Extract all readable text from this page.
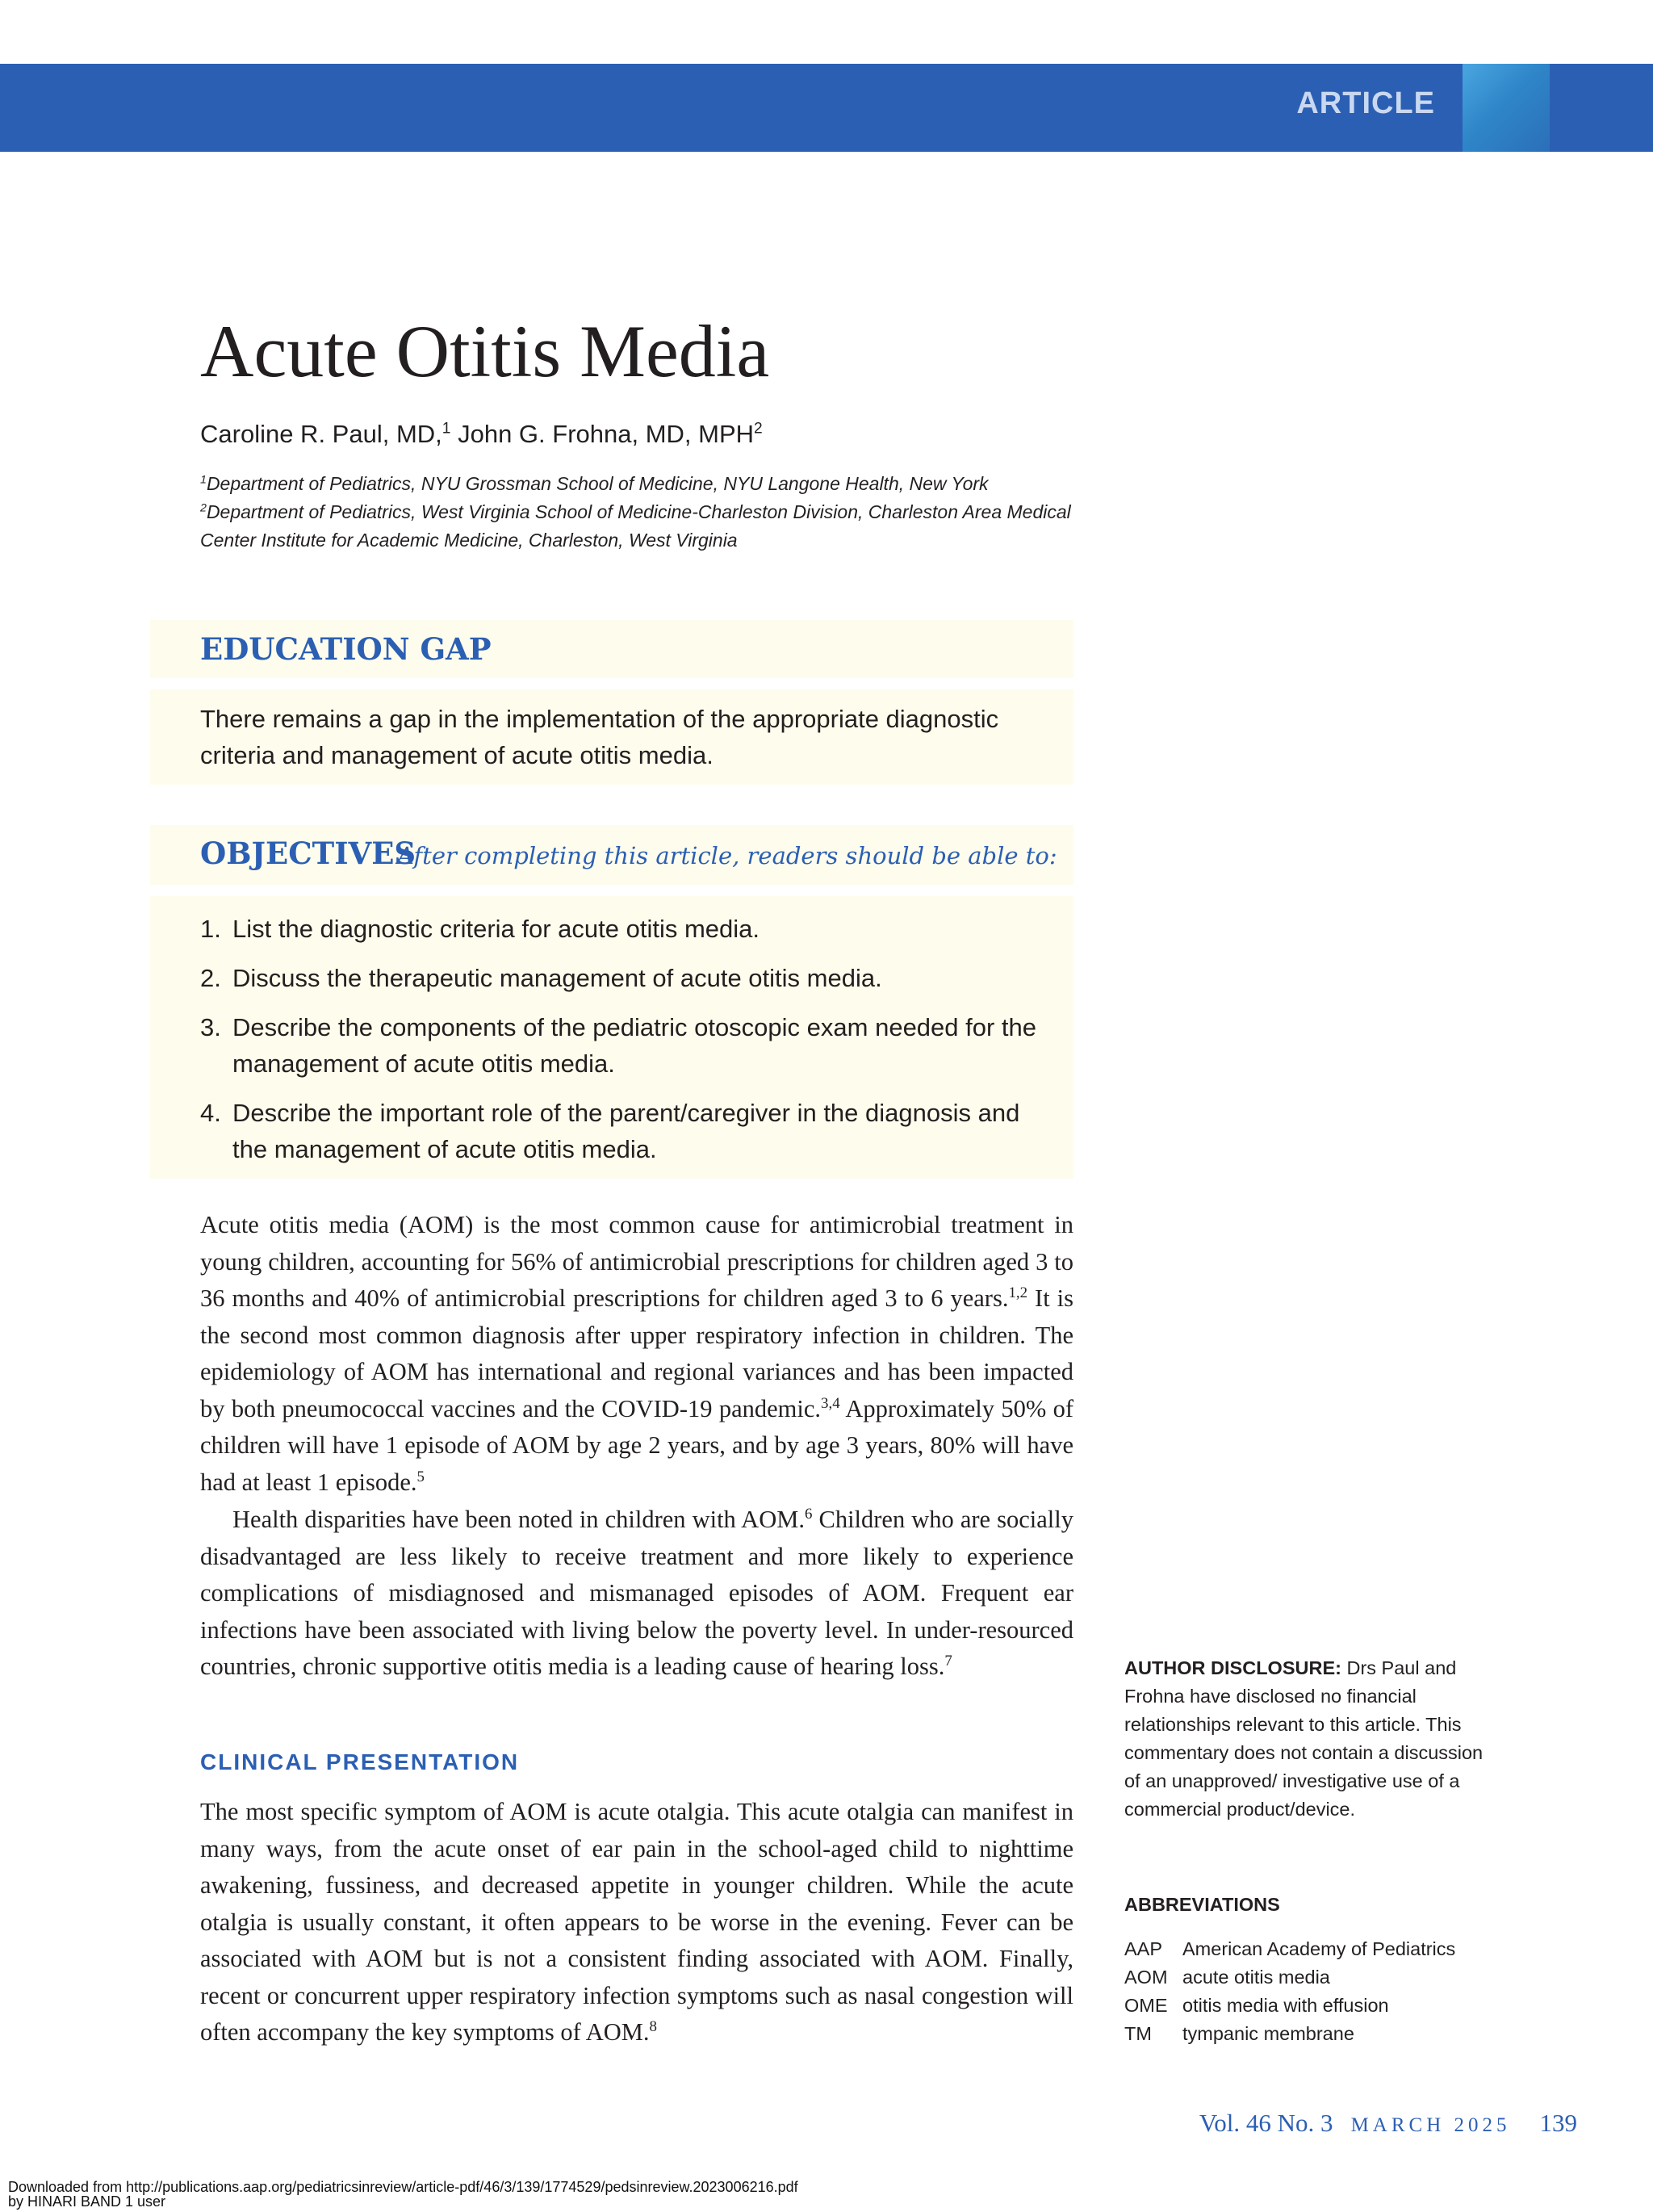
ARTICLE
Acute Otitis Media
Caroline R. Paul, MD,$^1$ John G. Frohna, MD, MPH$^2$
$^1$Department of Pediatrics, NYU Grossman School of Medicine, NYU Langone Health, New York
$^2$Department of Pediatrics, West Virginia School of Medicine-Charleston Division, Charleston Area Medical Center Institute for Academic Medicine, Charleston, West Virginia
EDUCATION GAP

There remains a gap in the implementation of the appropriate diagnostic criteria and management of acute otitis media.

OBJECTIVES
After completing this article, readers should be able to:
1. List the diagnostic criteria for acute otitis media.
2. Discuss the therapeutic management of acute otitis media.
3. Describe the components of the pediatric otoscopic exam needed for the management of acute otitis media.
4. Describe the important role of the parent/caregiver in the diagnosis and the management of acute otitis media.

Acute otitis media (AOM) is the most common cause for antimicrobial treatment in young children, accounting for 56% of antimicrobial prescriptions for children aged 3 to 36 months and 40% of antimicrobial prescriptions for children aged 3 to 6 years.$^{1,2}$ It is the second most common diagnosis after upper respiratory infection in children. The epidemiology of AOM has international and regional variances and has been impacted by both pneumococcal vaccines and the COVID-19 pandemic.$^{3,4}$ Approximately 50% of children will have 1 episode of AOM by age 2 years, and by age 3 years, 80% will have had at least 1 episode.$^5$

Health disparities have been noted in children with AOM.$^6$ Children who are socially disadvantaged are less likely to receive treatment and more likely to experience complications of misdiagnosed and mismanaged episodes of AOM. Frequent ear infections have been associated with living below the poverty level. In under-resourced countries, chronic supportive otitis media is a leading cause of hearing loss.$^7$

CLINICAL PRESENTATION

The most specific symptom of AOM is acute otalgia. This acute otalgia can manifest in many ways, from the acute onset of ear pain in the school-aged child to nighttime awakening, fussiness, and decreased appetite in younger children. While the acute otalgia is usually constant, it often appears to be worse in the evening. Fever can be associated with AOM but is not a consistent finding associated with AOM. Finally, recent or concurrent upper respiratory infection symptoms such as nasal congestion will often accompany the key symptoms of AOM.$^8$

AUTHOR DISCLOSURE: Drs Paul and Frohna have disclosed no financial relationships relevant to this article. This commentary does not contain a discussion of an unapproved/ investigative use of a commercial product/device.
ABBREVIATIONS
AAP	American Academy of Pediatrics
AOM acute otitis media
OME otitis media with effusion
TM	tympanic membrane
Vol. 46 No. 3 MARCH 2025 139
Downloaded from http://publications.aap.org/pediatricsinreview/article-pdf/46/3/139/1774529/pedsinreview.2023006216.pdf
by HINARI BAND 1 user
